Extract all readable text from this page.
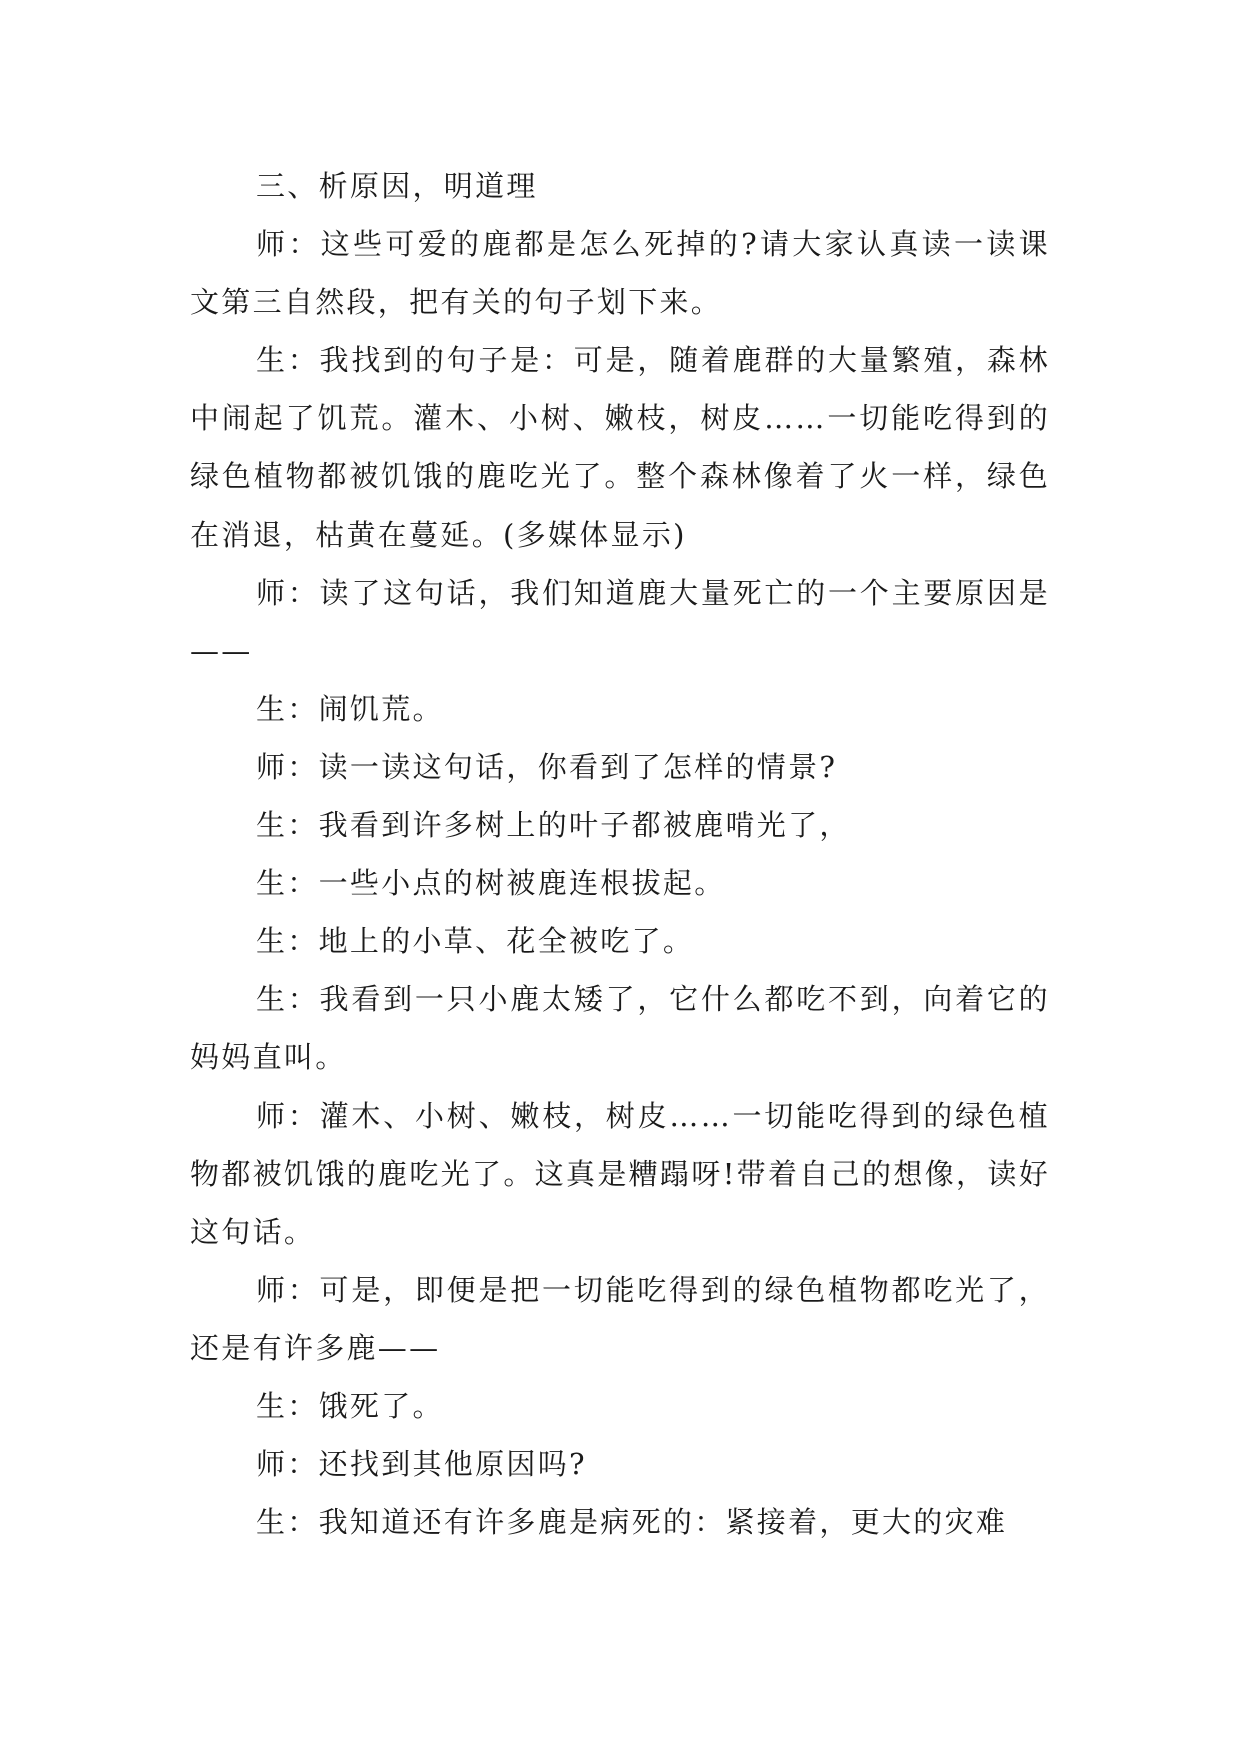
三、析原因，明道理

师：这些可爱的鹿都是怎么死掉的?请大家认真读一读课文第三自然段，把有关的句子划下来。

生：我找到的句子是：可是，随着鹿群的大量繁殖，森林中闹起了饥荒。灌木、小树、嫩枝，树皮……一切能吃得到的绿色植物都被饥饿的鹿吃光了。整个森林像着了火一样，绿色在消退，枯黄在蔓延。(多媒体显示)

师：读了这句话，我们知道鹿大量死亡的一个主要原因是——

生：闹饥荒。

师：读一读这句话，你看到了怎样的情景?

生：我看到许多树上的叶子都被鹿啃光了，

生：一些小点的树被鹿连根拔起。

生：地上的小草、花全被吃了。

生：我看到一只小鹿太矮了，它什么都吃不到，向着它的妈妈直叫。

师：灌木、小树、嫩枝，树皮……一切能吃得到的绿色植物都被饥饿的鹿吃光了。这真是糟蹋呀!带着自己的想像，读好这句话。

师：可是，即便是把一切能吃得到的绿色植物都吃光了，还是有许多鹿——

生：饿死了。

师：还找到其他原因吗?

生：我知道还有许多鹿是病死的：紧接着，更大的灾难
